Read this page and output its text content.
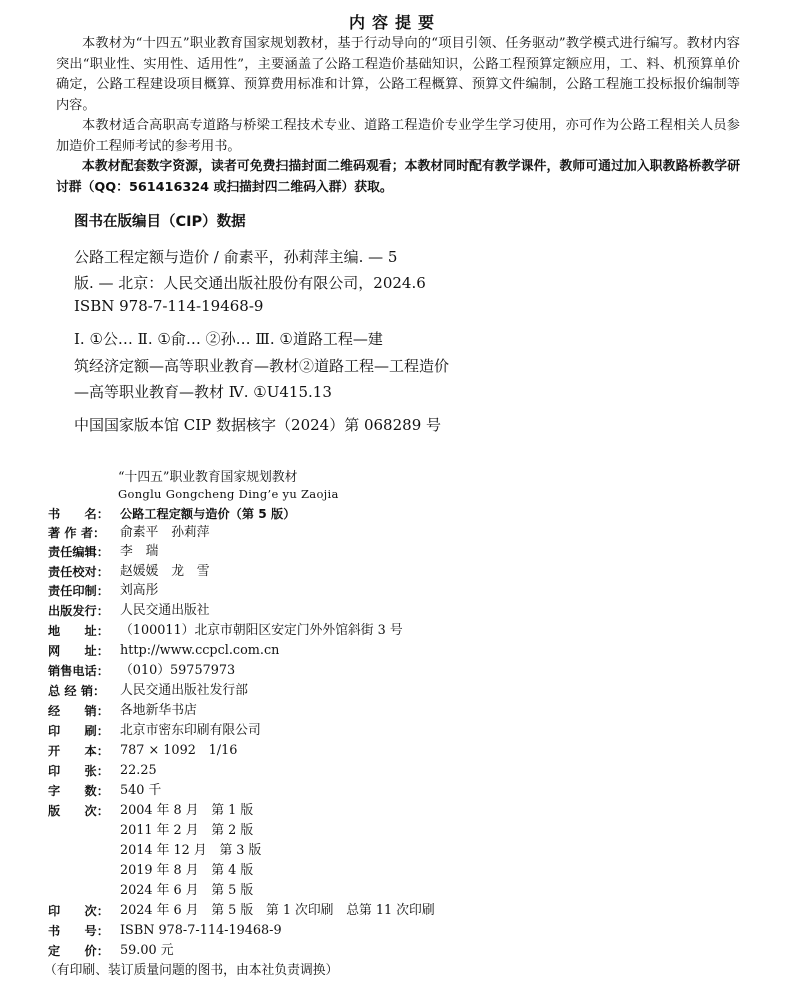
内容提要

本教材为“十四五”职业教育国家规划教材，基于行动导向的“项目引领、任务驱动”教学模式进行编写。教材内容突出“职业性、实用性、适用性”，主要涵盖了公路工程造价基础知识，公路工程预算定额应用，工、料、机预算单价确定，公路工程建设项目概算、预算费用标准和计算，公路工程概算、预算文件编制，公路工程施工投标报价编制等内容。

本教材适合高职高专道路与桥梁工程技术专业、道路工程造价专业学生学习使用，亦可作为公路工程相关人员参加造价工程师考试的参考用书。

本教材配套数字资源，读者可免费扫描封面二维码观看；本教材同时配有教学课件，教师可通过加入职教路桥教学研讨群（QQ：561416324 或扫描封四二维码入群）获取。

图书在版编目（CIP）数据
公路工程定额与造价 / 俞素平，孙莉萍主编. — 5
版. — 北京：人民交通出版社股份有限公司，2024.6
ISBN 978-7-114-19468-9
Ⅰ. ①公… Ⅱ. ①俞… ②孙… Ⅲ. ①道路工程—建
筑经济定额—高等职业教育—教材②道路工程—工程造价
—高等职业教育—教材 Ⅳ. ①U415.13
中国国家版本馆 CIP 数据核字（2024）第 068289 号
“十四五”职业教育国家规划教材
Gonglu Gongcheng Ding’e yu Zaojia
书　　名： 公路工程定额与造价（第 5 版）
著 作 者：	俞素平　孙莉萍
责任编辑： 李　瑞
责任校对： 赵媛媛　龙　雪
责任印制： 刘高彤
出版发行： 人民交通出版社
地　　址： （100011）北京市朝阳区安定门外外馆斜街 3 号
网　　址： http://www.ccpcl.com.cn
销售电话： （010）59757973
总 经 销：	人民交通出版社发行部
经　　销： 各地新华书店
印　　刷： 北京市密东印刷有限公司
开　　本： 787 × 1092　1/16
印　　张： 22.25
字　　数： 540 千
版　　次： 2004 年 8 月　第 1 版
2011 年 2 月　第 2 版
2014 年 12 月　第 3 版
2019 年 8 月　第 4 版
2024 年 6 月　第 5 版
印　　次： 2024 年 6 月　第 5 版　第 1 次印刷　总第 11 次印刷
书　　号： ISBN 978-7-114-19468-9
定　　价： 59.00 元
（有印刷、装订质量问题的图书，由本社负责调换）
